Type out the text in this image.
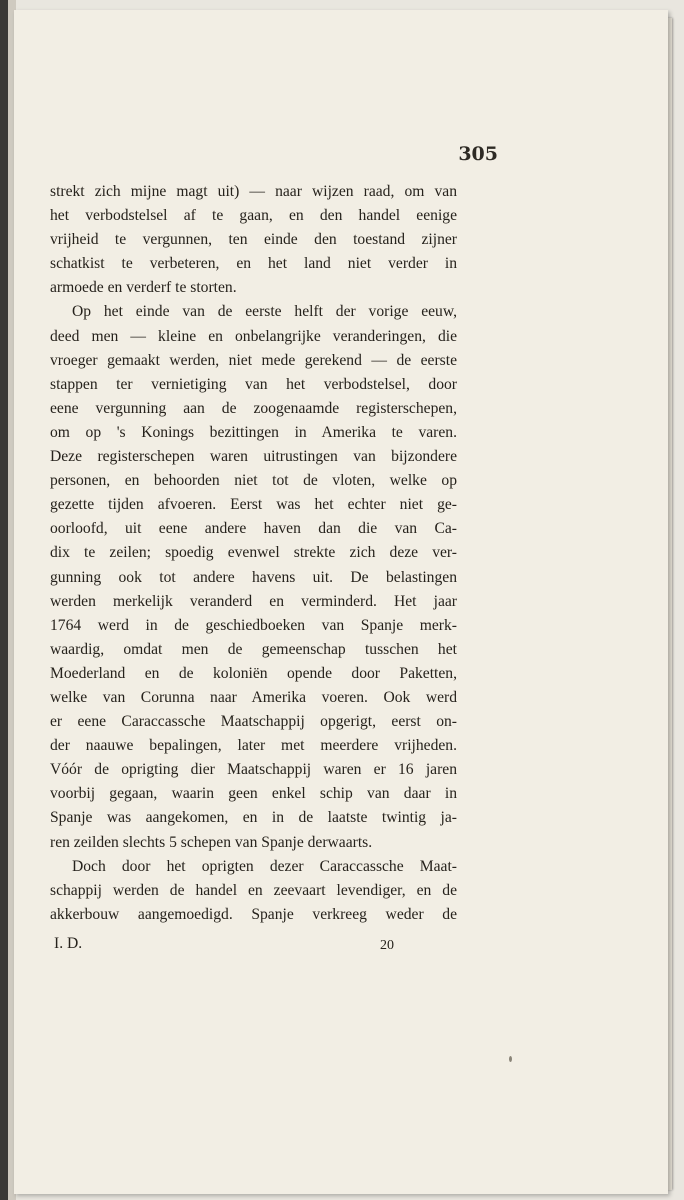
305
strekt zich mijne magt uit) — naar wijzen raad, om van
het verbodstelsel af te gaan, en den handel eenige
vrijheid te vergunnen, ten einde den toestand zijner
schatkist te verbeteren, en het land niet verder in
armoede en verderf te storten.
Op het einde van de eerste helft der vorige eeuw,
deed men — kleine en onbelangrijke veranderingen, die
vroeger gemaakt werden, niet mede gerekend — de eerste
stappen ter vernietiging van het verbodstelsel, door
eene vergunning aan de zoogenaamde registerschepen,
om op 's Konings bezittingen in Amerika te varen.
Deze registerschepen waren uitrustingen van bijzondere
personen, en behoorden niet tot de vloten, welke op
gezette tijden afvoeren. Eerst was het echter niet ge-
oorloofd, uit eene andere haven dan die van Ca-
dix te zeilen; spoedig evenwel strekte zich deze ver-
gunning ook tot andere havens uit. De belastingen
werden merkelijk veranderd en verminderd. Het jaar
1764 werd in de geschiedboeken van Spanje merk-
waardig, omdat men de gemeenschap tusschen het
Moederland en de koloniën opende door Paketten,
welke van Corunna naar Amerika voeren. Ook werd
er eene Caraccassche Maatschappij opgerigt, eerst on-
der naauwe bepalingen, later met meerdere vrijheden.
Vóór de oprigting dier Maatschappij waren er 16 jaren
voorbij gegaan, waarin geen enkel schip van daar in
Spanje was aangekomen, en in de laatste twintig ja-
ren zeilden slechts 5 schepen van Spanje derwaarts.
Doch door het oprigten dezer Caraccassche Maat-
schappij werden de handel en zeevaart levendiger, en de
akkerbouw aangemoedigd. Spanje verkreeg weder de
I. D.	20
